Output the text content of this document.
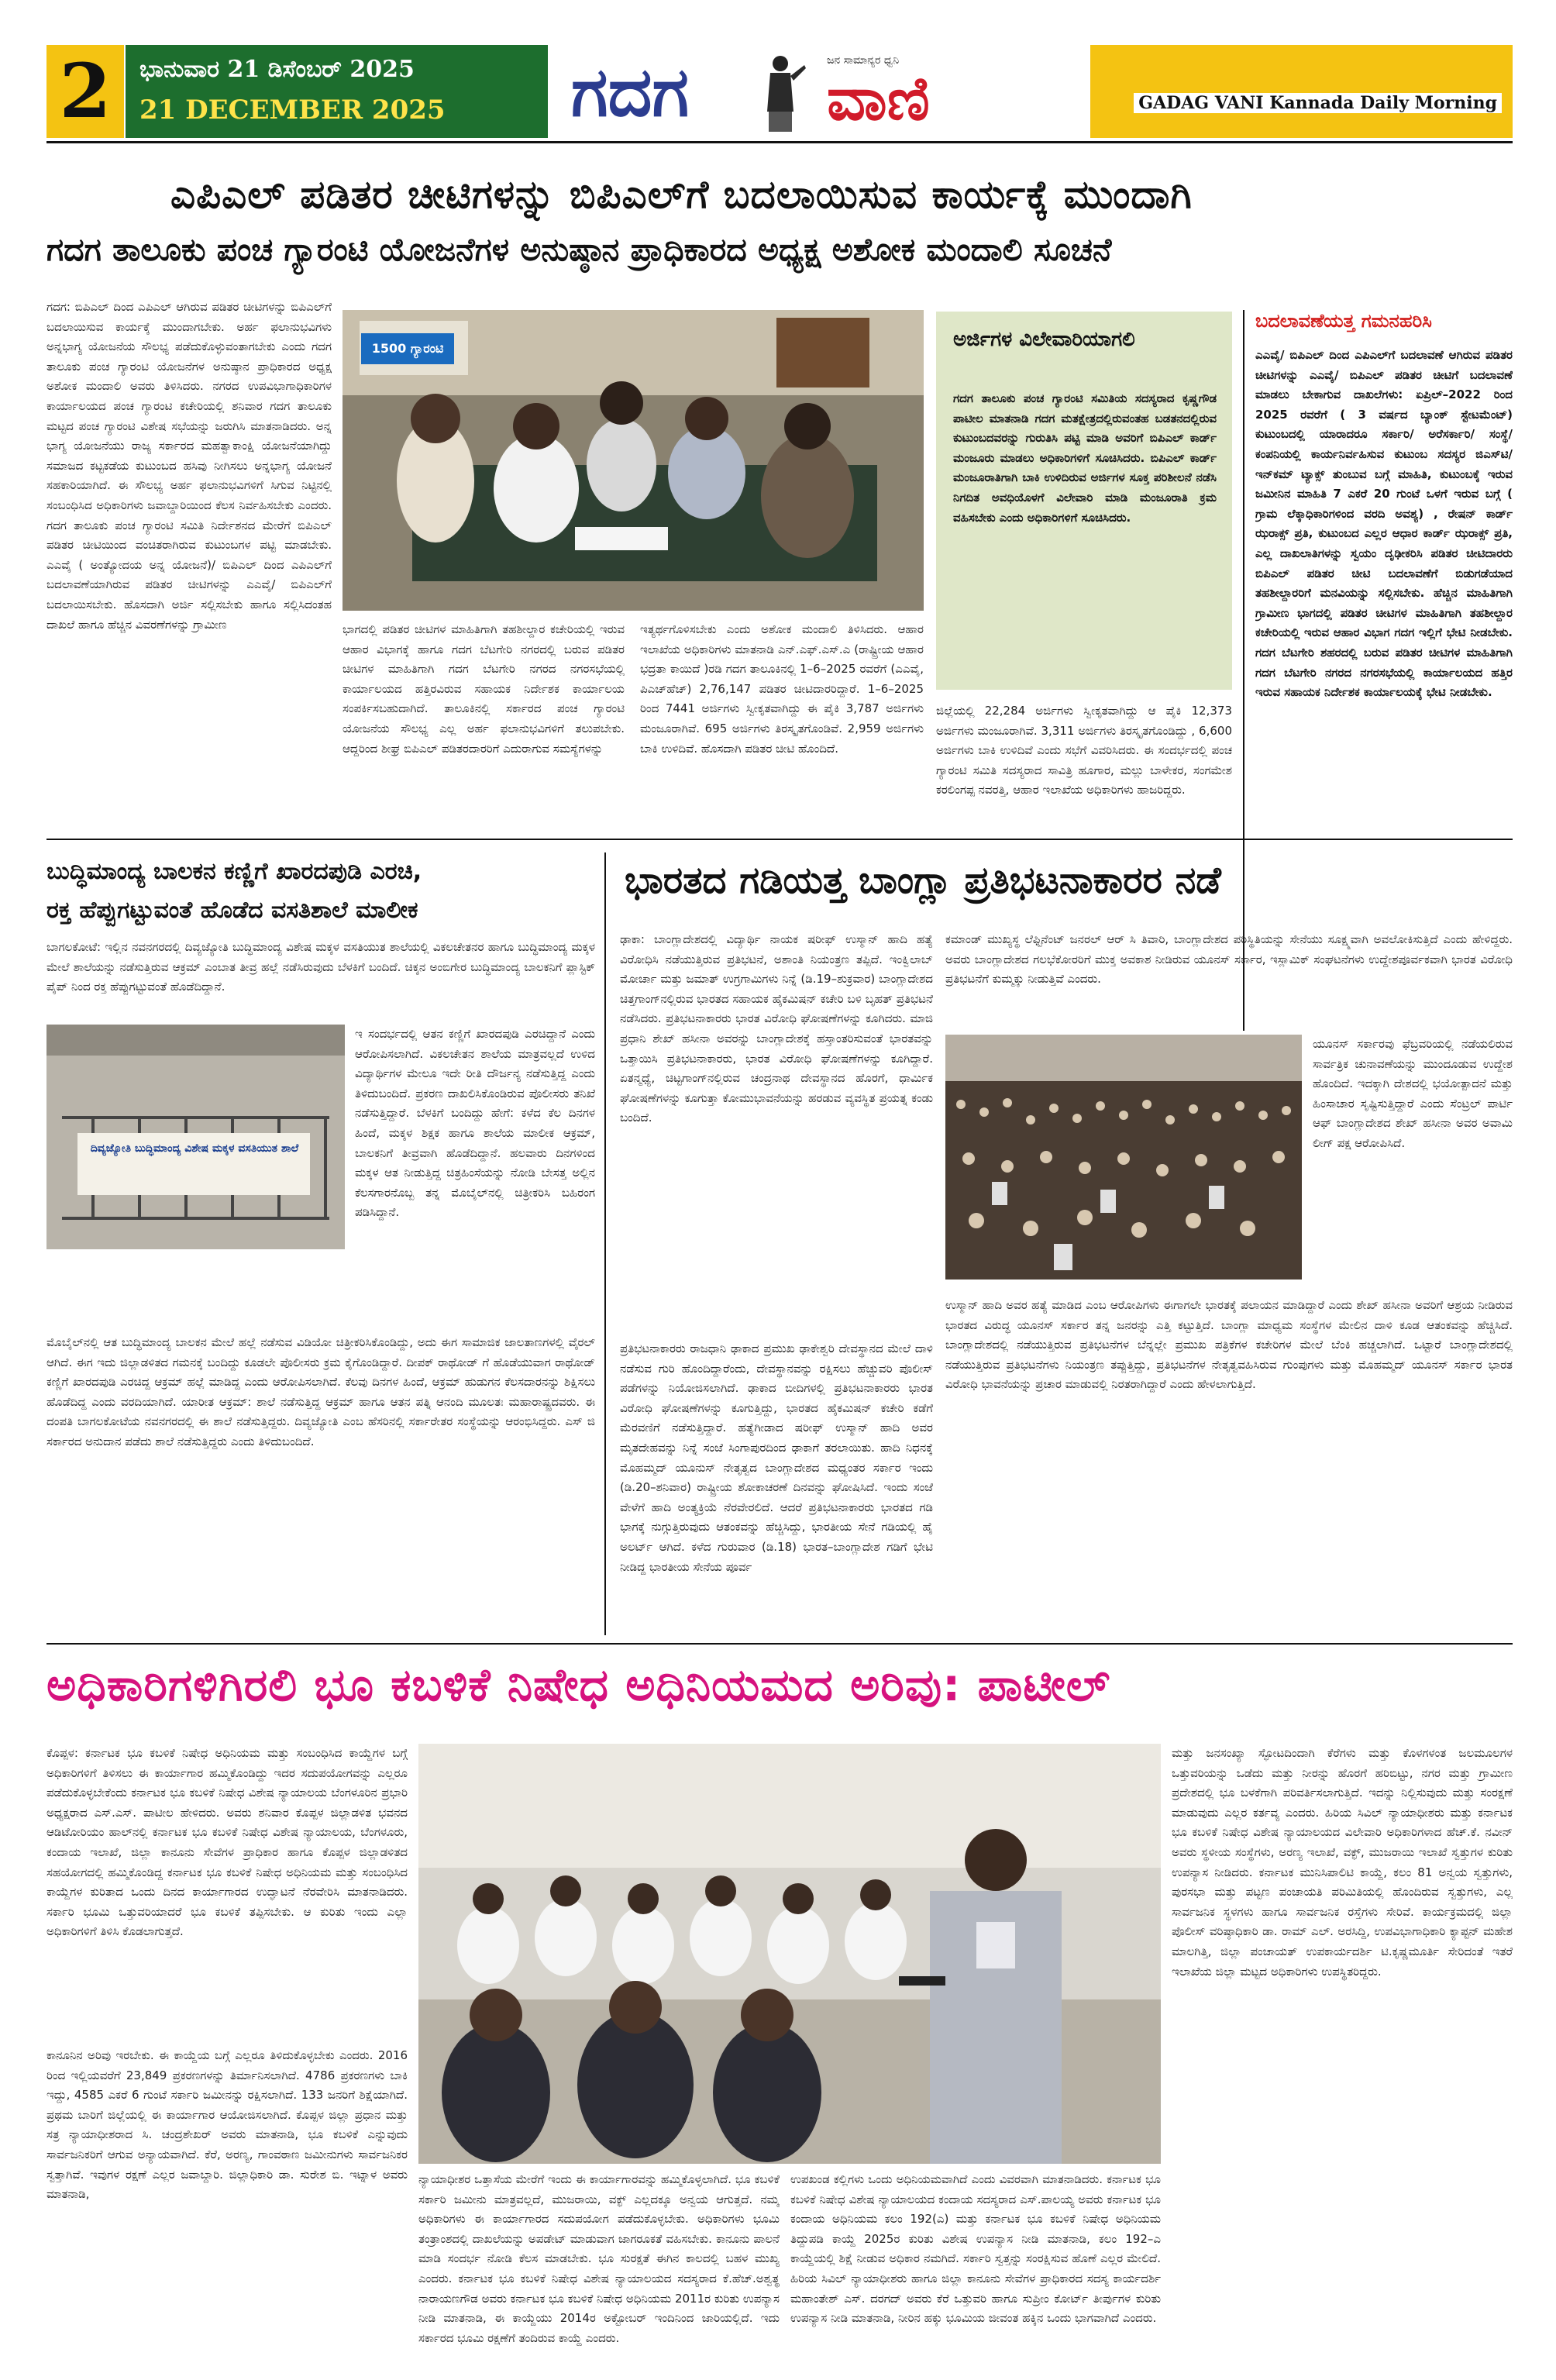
2	ಭಾನುವಾರ 21 ಡಿಸೆಂಬರ್ 2025
21 DECEMBER 2025 ಗದಗ	ಜನ ಸಾಮಾನ್ಯರ ಧ್ವನಿ
ವಾಣಿ	GADAG VANI Kannada Daily Morning
ಎಪಿಎಲ್ ಪಡಿತರ ಚೀಟಿಗಳನ್ನು ಬಿಪಿಎಲ್‌ಗೆ ಬದಲಾಯಿಸುವ ಕಾರ್ಯಕ್ಕೆ ಮುಂದಾಗಿ
ಗದಗ ತಾಲೂಕು ಪಂಚ ಗ್ಯಾರಂಟಿ ಯೋಜನೆಗಳ ಅನುಷ್ಠಾನ ಪ್ರಾಧಿಕಾರದ ಅಧ್ಯಕ್ಷ ಅಶೋಕ ಮಂದಾಲಿ ಸೂಚನೆ
ಗದಗ: ಬಿಪಿಎಲ್ ದಿಂದ ಎಪಿಎಲ್ ಆಗಿರುವ ಪಡಿತರ ಚೀಟಿಗಳನ್ನು ಬಿಪಿಎಲ್‌ಗೆ ಬದಲಾಯಿಸುವ ಕಾರ್ಯಕ್ಕೆ ಮುಂದಾಗಬೇಕು. ಅರ್ಹ ಫಲಾನುಭವಿಗಳು ಅನ್ನಭಾಗ್ಯ ಯೋಜನೆಯ ಸೌಲಭ್ಯ ಪಡೆದುಕೊಳ್ಳುವಂತಾಗಬೇಕು ಎಂದು ಗದಗ ತಾಲೂಕು ಪಂಚ ಗ್ಯಾರಂಟಿ ಯೋಜನೆಗಳ ಅನುಷ್ಠಾನ ಪ್ರಾಧಿಕಾರದ ಅಧ್ಯಕ್ಷ ಅಶೋಕ ಮಂದಾಲಿ ಅವರು ತಿಳಿಸಿದರು. ನಗರದ ಉಪವಿಭಾಗಾಧಿಕಾರಿಗಳ ಕಾರ್ಯಾಲಯದ ಪಂಚ ಗ್ಯಾರಂಟಿ ಕಚೇರಿಯಲ್ಲಿ ಶನಿವಾರ ಗದಗ ತಾಲೂಕು ಮಟ್ಟದ ಪಂಚ ಗ್ಯಾರಂಟಿ ವಿಶೇಷ ಸಭೆಯನ್ನು ಜರುಗಿಸಿ ಮಾತನಾಡಿದರು. ಅನ್ನ ಭಾಗ್ಯ ಯೋಜನೆಯು ರಾಜ್ಯ ಸರ್ಕಾರದ ಮಹತ್ವಾಕಾಂಕ್ಷಿ ಯೋಜನೆಯಾಗಿದ್ದು ಸಮಾಜದ ಕಟ್ಟಕಡೆಯ ಕುಟುಂಬದ ಹಸಿವು ನೀಗಿಸಲು ಅನ್ನಭಾಗ್ಯ ಯೋಜನೆ ಸಹಕಾರಿಯಾಗಿದೆ. ಈ ಸೌಲಭ್ಯ ಅರ್ಹ ಫಲಾನುಭವಿಗಳಿಗೆ ಸಿಗುವ ನಿಟ್ಟಿನಲ್ಲಿ ಸಂಬಂಧಿಸಿದ ಅಧಿಕಾರಿಗಳು ಜವಾಬ್ದಾರಿಯಿಂದ ಕೆಲಸ ನಿರ್ವಹಿಸಬೇಕು ಎಂದರು. ಗದಗ ತಾಲೂಕು ಪಂಚ ಗ್ಯಾರಂಟಿ ಸಮಿತಿ ನಿರ್ದೇಶನದ ಮೇರೆಗೆ ಬಿಪಿಎಲ್ ಪಡಿತರ ಚೀಟಿಯಿಂದ ವಂಚಿತರಾಗಿರುವ ಕುಟುಂಬಗಳ ಪಟ್ಟಿ ಮಾಡಬೇಕು. ಎಎವೈ ( ಅಂತ್ಯೋದಯ ಅನ್ನ ಯೋಜನೆ)/ ಬಿಪಿಎಲ್ ದಿಂದ ಎಪಿಎಲ್‌ಗೆ ಬದಲಾವಣೆಯಾಗಿರುವ ಪಡಿತರ ಚೀಟಿಗಳನ್ನು ಎಎವೈ/ ಬಿಪಿಎಲ್‌ಗೆ ಬದಲಾಯಿಸಬೇಕು. ಹೊಸದಾಗಿ ಅರ್ಜಿ ಸಲ್ಲಿಸಬೇಕು ಹಾಗೂ ಸಲ್ಲಿಸಿದಂತಹ ದಾಖಲೆ ಹಾಗೂ ಹೆಚ್ಚಿನ ವಿವರಣೆಗಳನ್ನು ಗ್ರಾಮೀಣ
1500 ಗ್ಯಾರಂಟಿ
ಭಾಗದಲ್ಲಿ ಪಡಿತರ ಚೀಟಿಗಳ ಮಾಹಿತಿಗಾಗಿ ತಹಶೀಲ್ದಾರ ಕಚೇರಿಯಲ್ಲಿ ಇರುವ ಆಹಾರ ವಿಭಾಗಕ್ಕೆ ಹಾಗೂ ಗದಗ ಬೆಟಗೇರಿ ನಗರದಲ್ಲಿ ಬರುವ ಪಡಿತರ ಚೀಟಿಗಳ ಮಾಹಿತಿಗಾಗಿ ಗದಗ ಬೆಟಗೇರಿ ನಗರದ ನಗರಸಭೆಯಲ್ಲಿ ಕಾರ್ಯಾಲಯದ ಹತ್ತಿರವಿರುವ ಸಹಾಯಕ ನಿರ್ದೇಶಕ ಕಾರ್ಯಾಲಯ ಸಂಪರ್ಕಿಸಬಹುದಾಗಿದೆ. ತಾಲೂಕಿನಲ್ಲಿ ಸರ್ಕಾರದ ಪಂಚ ಗ್ಯಾರಂಟಿ ಯೋಜನೆಯ ಸೌಲಭ್ಯ ಎಲ್ಲ ಅರ್ಹ ಫಲಾನುಭವಿಗಳಿಗೆ ತಲುಪಬೇಕು. ಆದ್ದರಿಂದ ಶೀಘ್ರ ಬಿಪಿಎಲ್ ಪಡಿತರದಾರರಿಗೆ ಎದುರಾಗುವ ಸಮಸ್ಯೆಗಳನ್ನು
ಇತ್ಯರ್ಥಗೊಳಿಸಬೇಕು ಎಂದು ಅಶೋಕ ಮಂದಾಲಿ ತಿಳಿಸಿದರು. ಆಹಾರ ಇಲಾಖೆಯ ಅಧಿಕಾರಿಗಳು ಮಾತನಾಡಿ ಎನ್.ಎಫ್.ಎಸ್.ಎ (ರಾಷ್ಟ್ರೀಯ ಆಹಾರ ಭದ್ರತಾ ಕಾಯಿದೆ )ರಡಿ ಗದಗ ತಾಲೂಕಿನಲ್ಲಿ 1–6–2025 ರವರೆಗೆ (ಎಎವೈ, ಪಿಎಚ್‌ಹೆಚ್) 2,76,147 ಪಡಿತರ ಚೀಟಿದಾರರಿದ್ದಾರೆ. 1–6–2025 ರಿಂದ 7441 ಅರ್ಜಿಗಳು ಸ್ವೀಕೃತವಾಗಿದ್ದು ಈ ಪೈಕಿ 3,787 ಅರ್ಜಿಗಳು ಮಂಜೂರಾಗಿವೆ. 695 ಅರ್ಜಿಗಳು ತಿರಸ್ಕೃತಗೊಂಡಿವೆ. 2,959 ಅರ್ಜಿಗಳು ಬಾಕಿ ಉಳಿದಿವೆ. ಹೊಸದಾಗಿ ಪಡಿತರ ಚೀಟಿ ಹೊಂದಿದೆ.
ಅರ್ಜಿಗಳ ವಿಲೇವಾರಿಯಾಗಲಿ
ಗದಗ ತಾಲೂಕು ಪಂಚ ಗ್ಯಾರಂಟಿ ಸಮಿತಿಯ ಸದಸ್ಯರಾದ ಕೃಷ್ಣಗೌಡ ಪಾಟೀಲ ಮಾತನಾಡಿ ಗದಗ ಮತಕ್ಷೇತ್ರದಲ್ಲಿರುವಂತಹ ಬಡತನದಲ್ಲಿರುವ ಕುಟುಂಬದವರನ್ನು ಗುರುತಿಸಿ ಪಟ್ಟಿ ಮಾಡಿ ಅವರಿಗೆ ಬಿಪಿಎಲ್ ಕಾರ್ಡ್ ಮಂಜೂರು ಮಾಡಲು ಅಧಿಕಾರಿಗಳಿಗೆ ಸೂಚಿಸಿದರು. ಬಿಪಿಎಲ್ ಕಾರ್ಡ್ ಮಂಜೂರಾತಿಗಾಗಿ ಬಾಕಿ ಉಳಿದಿರುವ ಅರ್ಜಿಗಳ ಸೂಕ್ತ ಪರಿಶೀಲನೆ ನಡೆಸಿ ನಿಗದಿತ ಅವಧಿಯೊಳಗೆ ವಿಲೇವಾರಿ ಮಾಡಿ ಮಂಜೂರಾತಿ ಕ್ರಮ ವಹಿಸಬೇಕು ಎಂದು ಅಧಿಕಾರಿಗಳಿಗೆ ಸೂಚಿಸಿದರು.
ಜಿಲ್ಲೆಯಲ್ಲಿ 22,284 ಅರ್ಜಿಗಳು ಸ್ವೀಕೃತವಾಗಿದ್ದು ಆ ಪೈಕಿ 12,373 ಅರ್ಜಿಗಳು ಮಂಜೂರಾಗಿವೆ. 3,311 ಅರ್ಜಿಗಳು ತಿರಸ್ಕೃತಗೊಂಡಿದ್ದು , 6,600 ಅರ್ಜಿಗಳು ಬಾಕಿ ಉಳಿದಿವೆ ಎಂದು ಸಭೆಗೆ ವಿವರಿಸಿದರು. ಈ ಸಂದರ್ಭದಲ್ಲಿ ಪಂಚ ಗ್ಯಾರಂಟಿ ಸಮಿತಿ ಸದಸ್ಯರಾದ ಸಾವಿತ್ರಿ ಹೂಗಾರ, ಮಲ್ಲು ಬಾಳೇಕರ, ಸಂಗಮೇಶ ಕರಲಿಂಗಪ್ಪ ನವರತ್ತಿ, ಆಹಾರ ಇಲಾಖೆಯ ಅಧಿಕಾರಿಗಳು ಹಾಜರಿದ್ದರು.
ಬದಲಾವಣೆಯತ್ತ ಗಮನಹರಿಸಿ
ಎಎವೈ/ ಬಿಪಿಎಲ್ ದಿಂದ ಎಪಿಎಲ್‌ಗೆ ಬದಲಾವಣೆ ಆಗಿರುವ ಪಡಿತರ ಚೀಟಿಗಳನ್ನು ಎಎವೈ/ ಬಿಪಿಎಲ್ ಪಡಿತರ ಚೀಟಿಗೆ ಬದಲಾವಣೆ ಮಾಡಲು ಬೇಕಾಗುವ ದಾಖಲೆಗಳು: ಏಪ್ರಿಲ್–2022 ರಿಂದ 2025 ರವರೆಗೆ ( 3 ವರ್ಷದ ಬ್ಯಾಂಕ್ ಸ್ಟೇಟಮೆಂಟ್) ಕುಟುಂಬದಲ್ಲಿ ಯಾರಾದರೂ ಸರ್ಕಾರಿ/ ಅರೆಸರ್ಕಾರಿ/ ಸಂಸ್ಥೆ/ ಕಂಪನಿಯಲ್ಲಿ ಕಾರ್ಯನಿರ್ವಹಿಸುವ ಕುಟುಂಬ ಸದಸ್ಯರ ಜಿಎಸ್‌ಟಿ/ ಇನ್‌ಕಮ್ ಟ್ಯಾಕ್ಸ್ ತುಂಬುವ ಬಗ್ಗೆ ಮಾಹಿತಿ, ಕುಟುಂಬಕ್ಕೆ ಇರುವ ಜಮೀನಿನ ಮಾಹಿತಿ 7 ಎಕರೆ 20 ಗುಂಟೆ ಒಳಗೆ ಇರುವ ಬಗ್ಗೆ ( ಗ್ರಾಮ ಲೆಕ್ಕಾಧಿಕಾರಿಗಳಿಂದ ವರದಿ ಅವಶ್ಯ) , ರೇಷನ್ ಕಾರ್ಡ್ ಝರಾಕ್ಸ್ ಪ್ರತಿ, ಕುಟುಂಬದ ಎಲ್ಲರ ಆಧಾರ ಕಾರ್ಡ್ ಝರಾಕ್ಸ್ ಪ್ರತಿ, ಎಲ್ಲ ದಾಖಲಾತಿಗಳನ್ನು ಸ್ವಯಂ ದೃಢೀಕರಿಸಿ ಪಡಿತರ ಚೀಟಿದಾರರು ಬಿಪಿಎಲ್ ಪಡಿತರ ಚೀಟಿ ಬದಲಾವಣೆಗೆ ಬಿಡುಗಡೆಯಾದ ತಹಶೀಲ್ದಾರರಿಗೆ ಮನವಿಯನ್ನು ಸಲ್ಲಿಸಬೇಕು. ಹೆಚ್ಚಿನ ಮಾಹಿತಿಗಾಗಿ ಗ್ರಾಮೀಣ ಭಾಗದಲ್ಲಿ ಪಡಿತರ ಚೀಟಿಗಳ ಮಾಹಿತಿಗಾಗಿ ತಹಶೀಲ್ದಾರ ಕಚೇರಿಯಲ್ಲಿ ಇರುವ ಆಹಾರ ವಿಭಾಗ ಗದಗ ಇಲ್ಲಿಗೆ ಭೇಟಿ ನೀಡಬೇಕು. ಗದಗ ಬೆಟಗೇರಿ ಶಹರದಲ್ಲಿ ಬರುವ ಪಡಿತರ ಚೀಟಿಗಳ ಮಾಹಿತಿಗಾಗಿ ಗದಗ ಬೆಟಗೇರಿ ನಗರದ ನಗರಸಭೆಯಲ್ಲಿ ಕಾರ್ಯಾಲಯದ ಹತ್ತಿರ ಇರುವ ಸಹಾಯಕ ನಿರ್ದೇಶಕ ಕಾರ್ಯಾಲಯಕ್ಕೆ ಭೇಟಿ ನೀಡಬೇಕು.
ಬುದ್ಧಿಮಾಂದ್ಯ ಬಾಲಕನ ಕಣ್ಣಿಗೆ ಖಾರದಪುಡಿ ಎರಚಿ,
ರಕ್ತ ಹೆಪ್ಪುಗಟ್ಟುವಂತೆ ಹೊಡೆದ ವಸತಿಶಾಲೆ ಮಾಲೀಕ
ಬಾಗಲಕೋಟೆ: ಇಲ್ಲಿನ ನವನಗರದಲ್ಲಿ ದಿವ್ಯಜ್ಯೋತಿ ಬುದ್ಧಿಮಾಂದ್ಯ ವಿಶೇಷ ಮಕ್ಕಳ ವಸತಿಯುತ ಶಾಲೆಯಲ್ಲಿ ವಿಕಲಚೇತನರ ಹಾಗೂ ಬುದ್ಧಿಮಾಂದ್ಯ ಮಕ್ಕಳ ಮೇಲೆ ಶಾಲೆಯನ್ನು ನಡೆಸುತ್ತಿರುವ ಆಕ್ರಮ್ ಎಂಬಾತ ತೀವ್ರ ಹಲ್ಲೆ ನಡೆಸಿರುವುದು ಬೆಳಕಿಗೆ ಬಂದಿದೆ. ಚಿಕ್ಕನ ಅಂಬಿಗೇರ ಬುದ್ಧಿಮಾಂದ್ಯ ಬಾಲಕನಿಗೆ ಪ್ಲಾಸ್ಟಿಕ್ ಪೈಪ್ ನಿಂದ ರಕ್ತ ಹೆಪ್ಪುಗಟ್ಟುವಂತೆ ಹೊಡೆದಿದ್ದಾನೆ.
ದಿವ್ಯಜ್ಯೋತಿ ಬುದ್ಧಿಮಾಂದ್ಯ ವಿಶೇಷ ಮಕ್ಕಳ ವಸತಿಯುತ ಶಾಲೆ
ಇ ಸಂದರ್ಭದಲ್ಲಿ ಆತನ ಕಣ್ಣಿಗೆ ಖಾರದಪುಡಿ ಎರಚಿದ್ದಾನೆ ಎಂದು ಆರೋಪಿಸಲಾಗಿದೆ. ವಿಕಲಚೇತನ ಶಾಲೆಯ ಮಾತ್ರವಲ್ಲದೆ ಉಳಿದ ವಿದ್ಯಾರ್ಥಿಗಳ ಮೇಲೂ ಇದೇ ರೀತಿ ದೌರ್ಜನ್ಯ ನಡೆಸುತ್ತಿದ್ದ ಎಂದು ತಿಳಿದುಬಂದಿದೆ. ಪ್ರಕರಣ ದಾಖಲಿಸಿಕೊಂಡಿರುವ ಪೊಲೀಸರು ತನಿಖೆ ನಡೆಸುತ್ತಿದ್ದಾರೆ. ಬೆಳಕಿಗೆ ಬಂದಿದ್ದು ಹೇಗೆ: ಕಳೆದ ಕೆಲ ದಿನಗಳ ಹಿಂದೆ, ಮಕ್ಕಳ ಶಿಕ್ಷಕ ಹಾಗೂ ಶಾಲೆಯ ಮಾಲೀಕ ಆಕ್ರಮ್, ಬಾಲಕನಿಗೆ ತೀವ್ರವಾಗಿ ಹೊಡೆದಿದ್ದಾನೆ. ಹಲವಾರು ದಿನಗಳಿಂದ ಮಕ್ಕಳ ಆತ ನೀಡುತ್ತಿದ್ದ ಚಿತ್ರಹಿಂಸೆಯನ್ನು ನೋಡಿ ಬೇಸತ್ತ ಅಲ್ಲಿನ ಕೆಲಸಗಾರನೊಬ್ಬ ತನ್ನ ಮೊಬೈಲ್‌ನಲ್ಲಿ ಚಿತ್ರೀಕರಿಸಿ ಬಹಿರಂಗ ಪಡಿಸಿದ್ದಾನೆ.
ಮೊಬೈಲ್‌ನಲ್ಲಿ ಆತ ಬುದ್ಧಿಮಾಂದ್ಯ ಬಾಲಕನ ಮೇಲೆ ಹಲ್ಲೆ ನಡೆಸುವ ವಿಡಿಯೋ ಚಿತ್ರೀಕರಿಸಿಕೊಂಡಿದ್ದು, ಅದು ಈಗ ಸಾಮಾಜಿಕ ಜಾಲತಾಣಗಳಲ್ಲಿ ವೈರಲ್ ಆಗಿದೆ. ಈಗ ಇದು ಜಿಲ್ಲಾಡಳಿತದ ಗಮನಕ್ಕೆ ಬಂದಿದ್ದು ಕೂಡಲೇ ಪೊಲೀಸರು ಕ್ರಮ ಕೈಗೊಂಡಿದ್ದಾರೆ. ದೀಪಕ್ ರಾಥೋಡ್ ಗೆ ಹೊಡೆಯುವಾಗ ರಾಥೋಡ್ ಕಣ್ಣಿಗೆ ಖಾರದಪುಡಿ ಎರಚಿದ್ದ ಆಕ್ರಮ್ ಹಲ್ಲೆ ಮಾಡಿದ್ದ ಎಂದು ಆರೋಪಿಸಲಾಗಿದೆ. ಕೆಲವು ದಿನಗಳ ಹಿಂದೆ, ಆಕ್ರಮ್ ಹುಡುಗನ ಕೆಲಸದಾರನನ್ನು ಶಿಕ್ಷಿಸಲು ಹೊಡೆದಿದ್ದ ಎಂದು ವರದಿಯಾಗಿದೆ. ಯಾರೀತ ಆಕ್ರಮ್: ಶಾಲೆ ನಡೆಸುತ್ತಿದ್ದ ಆಕ್ರಮ್ ಹಾಗೂ ಆತನ ಪತ್ನಿ ಆನಂದಿ ಮೂಲತಃ ಮಹಾರಾಷ್ಟ್ರದವರು. ಈ ದಂಪತಿ ಬಾಗಲಕೋಟೆಯ ನವನಗರದಲ್ಲಿ ಈ ಶಾಲೆ ನಡೆಸುತ್ತಿದ್ದರು. ದಿವ್ಯಜ್ಯೋತಿ ಎಂಬ ಹೆಸರಿನಲ್ಲಿ ಸರ್ಕಾರೇತರ ಸಂಸ್ಥೆಯನ್ನು ಆರಂಭಿಸಿದ್ದರು. ಎಸ್ ಜಿ ಸರ್ಕಾರದ ಅನುದಾನ ಪಡೆದು ಶಾಲೆ ನಡೆಸುತ್ತಿದ್ದರು ಎಂದು ತಿಳಿದುಬಂದಿದೆ.
ಭಾರತದ ಗಡಿಯತ್ತ ಬಾಂಗ್ಲಾ ಪ್ರತಿಭಟನಾಕಾರರ ನಡೆ
ಢಾಕಾ: ಬಾಂಗ್ಲಾದೇಶದಲ್ಲಿ ವಿದ್ಯಾರ್ಥಿ ನಾಯಕ ಷರೀಫ್ ಉಸ್ಮಾನ್ ಹಾದಿ ಹತ್ಯೆ ವಿರೋಧಿಸಿ ನಡೆಯುತ್ತಿರುವ ಪ್ರತಿಭಟನೆ, ಅಶಾಂತಿ ನಿಯಂತ್ರಣ ತಪ್ಪಿದೆ. ಇಂಕ್ವಿಲಾಬ್ ಮೋರ್ಚಾ ಮತ್ತು ಜಮಾತ್ ಉಗ್ರಗಾಮಿಗಳು ನಿನ್ನೆ (ಡಿ.19–ಶುಕ್ರವಾರ) ಬಾಂಗ್ಲಾದೇಶದ ಚಿತ್ತಗಾಂಗ್‌ನಲ್ಲಿರುವ ಭಾರತದ ಸಹಾಯಕ ಹೈಕಮಿಷನ್ ಕಚೇರಿ ಬಳಿ ಬೃಹತ್ ಪ್ರತಿಭಟನೆ ನಡೆಸಿದರು. ಪ್ರತಿಭಟನಾಕಾರರು ಭಾರತ ವಿರೋಧಿ ಘೋಷಣೆಗಳನ್ನು ಕೂಗಿದರು. ಮಾಜಿ ಪ್ರಧಾನಿ ಶೇಖ್ ಹಸೀನಾ ಅವರನ್ನು ಬಾಂಗ್ಲಾದೇಶಕ್ಕೆ ಹಸ್ತಾಂತರಿಸುವಂತೆ ಭಾರತವನ್ನು ಒತ್ತಾಯಿಸಿ ಪ್ರತಿಭಟನಾಕಾರರು, ಭಾರತ ವಿರೋಧಿ ಘೋಷಣೆಗಳನ್ನು ಕೂಗಿದ್ದಾರೆ. ಏತನ್ಮಧ್ಯೆ, ಚಿಟ್ಟಗಾಂಗ್‌ನಲ್ಲಿರುವ ಚಂದ್ರನಾಥ ದೇವಸ್ಥಾನದ ಹೊರಗೆ, ಧಾರ್ಮಿಕ ಘೋಷಣೆಗಳನ್ನು ಕೂಗುತ್ತಾ ಕೋಮುಭಾವನೆಯನ್ನು ಹರಡುವ ವ್ಯವಸ್ಥಿತ ಪ್ರಯತ್ನ ಕಂಡು ಬಂದಿದೆ.
ಕಮಾಂಡ್ ಮುಖ್ಯಸ್ಥ ಲೆಫ್ಟಿನೆಂಟ್ ಜನರಲ್ ಆರ್ ಸಿ ತಿವಾರಿ, ಬಾಂಗ್ಲಾದೇಶದ ಪರಿಸ್ಥಿತಿಯನ್ನು ಸೇನೆಯು ಸೂಕ್ಷ್ಮವಾಗಿ ಅವಲೋಕಿಸುತ್ತಿದೆ ಎಂದು ಹೇಳಿದ್ದರು. ಅವರು ಬಾಂಗ್ಲಾದೇಶದ ಗಲಭೆಕೋರರಿಗೆ ಮುಕ್ತ ಅವಕಾಶ ನೀಡಿರುವ ಯೂನಸ್ ಸರ್ಕಾರ, ಇಸ್ಲಾಮಿಕ್ ಸಂಘಟನೆಗಳು ಉದ್ದೇಶಪೂರ್ವಕವಾಗಿ ಭಾರತ ವಿರೋಧಿ ಪ್ರತಿಭಟನೆಗೆ ಕುಮ್ಮಕ್ಕು ನೀಡುತ್ತಿವೆ ಎಂದರು.
ಯೂನಸ್ ಸರ್ಕಾರವು ಫೆಬ್ರವರಿಯಲ್ಲಿ ನಡೆಯಲಿರುವ ಸಾರ್ವತ್ರಿಕ ಚುನಾವಣೆಯನ್ನು ಮುಂದೂಡುವ ಉದ್ದೇಶ ಹೊಂದಿದೆ. ಇದಕ್ಕಾಗಿ ದೇಶದಲ್ಲಿ ಭಯೋತ್ಪಾದನೆ ಮತ್ತು ಹಿಂಸಾಚಾರ ಸೃಷ್ಟಿಸುತ್ತಿದ್ದಾರೆ ಎಂದು ಸೆಂಟ್ರಲ್ ಪಾರ್ಟಿ ಆಫ್ ಬಾಂಗ್ಲಾದೇಶದ ಶೇಖ್ ಹಸೀನಾ ಅವರ ಅವಾಮಿ ಲೀಗ್ ಪಕ್ಷ ಆರೋಪಿಸಿದೆ.
ಪ್ರತಿಭಟನಾಕಾರರು ರಾಜಧಾನಿ ಢಾಕಾದ ಪ್ರಮುಖ ಢಾಕೇಶ್ವರಿ ದೇವಸ್ಥಾನದ ಮೇಲೆ ದಾಳಿ ನಡೆಸುವ ಗುರಿ ಹೊಂದಿದ್ದಾರೆಂದು, ದೇವಸ್ಥಾನವನ್ನು ರಕ್ಷಿಸಲು ಹೆಚ್ಚುವರಿ ಪೊಲೀಸ್ ಪಡೆಗಳನ್ನು ನಿಯೋಜಿಸಲಾಗಿದೆ. ಢಾಕಾದ ಬೀದಿಗಳಲ್ಲಿ ಪ್ರತಿಭಟನಾಕಾರರು ಭಾರತ ವಿರೋಧಿ ಘೋಷಣೆಗಳನ್ನು ಕೂಗುತ್ತಿದ್ದು, ಭಾರತದ ಹೈಕಮಿಷನ್ ಕಚೇರಿ ಕಡೆಗೆ ಮೆರವಣಿಗೆ ನಡೆಸುತ್ತಿದ್ದಾರೆ. ಹತ್ಯೆಗೀಡಾದ ಷರೀಫ್ ಉಸ್ಮಾನ್ ಹಾದಿ ಅವರ ಮೃತದೇಹವನ್ನು ನಿನ್ನೆ ಸಂಜೆ ಸಿಂಗಾಪುರದಿಂದ ಢಾಕಾಗೆ ತರಲಾಯಿತು. ಹಾದಿ ನಿಧನಕ್ಕೆ ಮೊಹಮ್ಮದ್ ಯೂನುಸ್ ನೇತೃತ್ವದ ಬಾಂಗ್ಲಾದೇಶದ ಮಧ್ಯಂತರ ಸರ್ಕಾರ ಇಂದು (ಡಿ.20–ಶನಿವಾರ) ರಾಷ್ಟ್ರೀಯ ಶೋಕಾಚರಣೆ ದಿನವನ್ನು ಘೋಷಿಸಿದೆ. ಇಂದು ಸಂಜೆ ವೇಳೆಗೆ ಹಾದಿ ಅಂತ್ಯಕ್ರಿಯೆ ನೆರವೇರಲಿದೆ. ಆದರೆ ಪ್ರತಿಭಟನಾಕಾರರು ಭಾರತದ ಗಡಿ ಭಾಗಕ್ಕೆ ನುಗ್ಗುತ್ತಿರುವುದು ಆತಂಕವನ್ನು ಹೆಚ್ಚಿಸಿದ್ದು, ಭಾರತೀಯ ಸೇನೆ ಗಡಿಯಲ್ಲಿ ಹೈ ಅಲರ್ಟ್ ಆಗಿದೆ. ಕಳೆದ ಗುರುವಾರ (ಡಿ.18) ಭಾರತ–ಬಾಂಗ್ಲಾದೇಶ ಗಡಿಗೆ ಭೇಟಿ ನೀಡಿದ್ದ ಭಾರತೀಯ ಸೇನೆಯ ಪೂರ್ವ
ಉಸ್ಮಾನ್ ಹಾದಿ ಅವರ ಹತ್ಯೆ ಮಾಡಿದ ಎಂಬ ಆರೋಪಿಗಳು ಈಗಾಗಲೇ ಭಾರತಕ್ಕೆ ಪಲಾಯನ ಮಾಡಿದ್ದಾರೆ ಎಂದು ಶೇಖ್ ಹಸೀನಾ ಅವರಿಗೆ ಆಶ್ರಯ ನೀಡಿರುವ ಭಾರತದ ವಿರುದ್ಧ ಯೂನಸ್ ಸರ್ಕಾರ ತನ್ನ ಜನರನ್ನು ಎತ್ತಿ ಕಟ್ಟುತ್ತಿದೆ. ಬಾಂಗ್ಲಾ ಮಾಧ್ಯಮ ಸಂಸ್ಥೆಗಳ ಮೇಲಿನ ದಾಳಿ ಕೂಡ ಆತಂಕವನ್ನು ಹೆಚ್ಚಿಸಿದೆ. ಬಾಂಗ್ಲಾದೇಶದಲ್ಲಿ ನಡೆಯುತ್ತಿರುವ ಪ್ರತಿಭಟನೆಗಳ ಬೆನ್ನಲ್ಲೇ ಪ್ರಮುಖ ಪತ್ರಿಕೆಗಳ ಕಚೇರಿಗಳ ಮೇಲೆ ಬೆಂಕಿ ಹಚ್ಚಲಾಗಿದೆ. ಒಟ್ಟಾರೆ ಬಾಂಗ್ಲಾದೇಶದಲ್ಲಿ ನಡೆಯುತ್ತಿರುವ ಪ್ರತಿಭಟನೆಗಳು ನಿಯಂತ್ರಣ ತಪ್ಪುತ್ತಿದ್ದು, ಪ್ರತಿಭಟನೆಗಳ ನೇತೃತ್ವವಹಿಸಿರುವ ಗುಂಪುಗಳು ಮತ್ತು ಮೊಹಮ್ಮದ್ ಯೂನಸ್ ಸರ್ಕಾರ ಭಾರತ ವಿರೋಧಿ ಭಾವನೆಯನ್ನು ಪ್ರಚಾರ ಮಾಡುವಲ್ಲಿ ನಿರತರಾಗಿದ್ದಾರೆ ಎಂದು ಹೇಳಲಾಗುತ್ತಿದೆ.
ಅಧಿಕಾರಿಗಳಿಗಿರಲಿ ಭೂ ಕಬಳಿಕೆ ನಿಷೇಧ ಅಧಿನಿಯಮದ ಅರಿವು: ಪಾಟೀಲ್
ಕೊಪ್ಪಳ: ಕರ್ನಾಟಕ ಭೂ ಕಬಳಿಕೆ ನಿಷೇಧ ಅಧಿನಿಯಮ ಮತ್ತು ಸಂಬಂಧಿಸಿದ ಕಾಯ್ದೆಗಳ ಬಗ್ಗೆ ಅಧಿಕಾರಿಗಳಿಗೆ ತಿಳಿಸಲು ಈ ಕಾರ್ಯಾಗಾರ ಹಮ್ಮಿಕೊಂಡಿದ್ದು ಇದರ ಸದುಪಯೋಗವನ್ನು ಎಲ್ಲರೂ ಪಡೆದುಕೊಳ್ಳಬೇಕೆಂದು ಕರ್ನಾಟಕ ಭೂ ಕಬಳಿಕೆ ನಿಷೇಧ ವಿಶೇಷ ನ್ಯಾಯಾಲಯ ಬೆಂಗಳೂರಿನ ಪ್ರಭಾರಿ ಅಧ್ಯಕ್ಷರಾದ ಎಸ್.ಎಸ್. ಪಾಟೀಲ ಹೇಳಿದರು. ಅವರು ಶನಿವಾರ ಕೊಪ್ಪಳ ಜಿಲ್ಲಾಡಳಿತ ಭವನದ ಆಡಿಟೋರಿಯಂ ಹಾಲ್‌ನಲ್ಲಿ ಕರ್ನಾಟಕ ಭೂ ಕಬಳಿಕೆ ನಿಷೇಧ ವಿಶೇಷ ನ್ಯಾಯಾಲಯ, ಬೆಂಗಳೂರು, ಕಂದಾಯ ಇಲಾಖೆ, ಜಿಲ್ಲಾ ಕಾನೂನು ಸೇವೆಗಳ ಪ್ರಾಧಿಕಾರ ಹಾಗೂ ಕೊಪ್ಪಳ ಜಿಲ್ಲಾಡಳಿತದ ಸಹಯೋಗದಲ್ಲಿ ಹಮ್ಮಿಕೊಂಡಿದ್ದ ಕರ್ನಾಟಕ ಭೂ ಕಬಳಿಕೆ ನಿಷೇಧ ಅಧಿನಿಯಮ ಮತ್ತು ಸಂಬಂಧಿಸಿದ ಕಾಯ್ದೆಗಳ ಕುರಿತಾದ ಒಂದು ದಿನದ ಕಾರ್ಯಾಗಾರದ ಉದ್ಘಾಟನೆ ನೆರವೇರಿಸಿ ಮಾತನಾಡಿದರು. ಸರ್ಕಾರಿ ಭೂಮಿ ಒತ್ತುವರಿಯಾದರೆ ಭೂ ಕಬಳಿಕೆ ತಪ್ಪಿಸಬೇಕು. ಆ ಕುರಿತು ಇಂದು ಎಲ್ಲಾ ಅಧಿಕಾರಿಗಳಿಗೆ ತಿಳಿಸಿ ಕೊಡಲಾಗುತ್ತದೆ.
ಮತ್ತು ಜನಸಂಖ್ಯಾ ಸ್ಫೋಟದಿಂದಾಗಿ ಕೆರೆಗಳು ಮತ್ತು ಕೊಳಗಳಂತ ಜಲಮೂಲಗಳ ಒತ್ತುವರಿಯನ್ನು ಒಡೆದು ಮತ್ತು ನೀರನ್ನು ಹೊರಗೆ ಹರಿಬಿಟ್ಟು, ನಗರ ಮತ್ತು ಗ್ರಾಮೀಣ ಪ್ರದೇಶದಲ್ಲಿ ಭೂ ಬಳಕೆಗಾಗಿ ಪರಿವರ್ತಿಸಲಾಗುತ್ತಿದೆ. ಇದನ್ನು ನಿಲ್ಲಿಸುವುದು ಮತ್ತು ಸಂರಕ್ಷಣೆ ಮಾಡುವುದು ಎಲ್ಲರ ಕರ್ತವ್ಯ ಎಂದರು. ಹಿರಿಯ ಸಿವಿಲ್ ನ್ಯಾಯಾಧೀಶರು ಮತ್ತು ಕರ್ನಾಟಕ ಭೂ ಕಬಳಿಕೆ ನಿಷೇಧ ವಿಶೇಷ ನ್ಯಾಯಾಲಯದ ವಿಲೇವಾರಿ ಅಧಿಕಾರಿಗಳಾದ ಹೆಚ್.ಕೆ. ನವೀನ್ ಅವರು ಸ್ಥಳೀಯ ಸಂಸ್ಥೆಗಳು, ಅರಣ್ಯ ಇಲಾಖೆ, ವಕ್ಫ್, ಮುಜರಾಯಿ ಇಲಾಖೆ ಸ್ವತ್ತುಗಳ ಕುರಿತು ಉಪನ್ಯಾಸ ನೀಡಿದರು. ಕರ್ನಾಟಕ ಮುನಿಸಿಪಾಲಿಟಿ ಕಾಯ್ದೆ, ಕಲಂ 81 ಅನ್ವಯ ಸ್ವತ್ತುಗಳು, ಪುರಸಭಾ ಮತ್ತು ಪಟ್ಟಣ ಪಂಚಾಯತಿ ಪರಿಮಿತಿಯಲ್ಲಿ ಹೊಂದಿರುವ ಸ್ವತ್ತುಗಳು, ಎಲ್ಲ ಸಾರ್ವಜನಿಕ ಸ್ಥಳಗಳು ಹಾಗೂ ಸಾರ್ವಜನಿಕ ರಸ್ತೆಗಳು ಸೇರಿವೆ. ಕಾರ್ಯಕ್ರಮದಲ್ಲಿ ಜಿಲ್ಲಾ ಪೊಲೀಸ್ ವರಿಷ್ಠಾಧಿಕಾರಿ ಡಾ. ರಾಮ್ ಎಲ್. ಅರಸಿದ್ದಿ, ಉಪವಿಭಾಗಾಧಿಕಾರಿ ಕ್ಯಾಪ್ಟನ್ ಮಹೇಶ ಮಾಲಗಿತ್ತಿ, ಜಿಲ್ಲಾ ಪಂಚಾಯತ್ ಉಪಕಾರ್ಯದರ್ಶಿ ಟಿ.ಕೃಷ್ಣಮೂರ್ತಿ ಸೇರಿದಂತೆ ಇತರೆ ಇಲಾಖೆಯ ಜಿಲ್ಲಾ ಮಟ್ಟದ ಅಧಿಕಾರಿಗಳು ಉಪಸ್ಥಿತರಿದ್ದರು.
ಕಾನೂನಿನ ಅರಿವು ಇರಬೇಕು. ಈ ಕಾಯ್ದೆಯ ಬಗ್ಗೆ ಎಲ್ಲರೂ ತಿಳಿದುಕೊಳ್ಳಬೇಕು ಎಂದರು. 2016 ರಿಂದ ಇಲ್ಲಿಯವರೆಗೆ 23,849 ಪ್ರಕರಣಗಳನ್ನು ತಿರ್ಮಾನಿಸಲಾಗಿದೆ. 4786 ಪ್ರಕರಣಗಳು ಬಾಕಿ ಇದ್ದು, 4585 ಎಕರೆ 6 ಗುಂಟೆ ಸರ್ಕಾರಿ ಜಮೀನನ್ನು ರಕ್ಷಿಸಲಾಗಿದೆ. 133 ಜನರಿಗೆ ಶಿಕ್ಷೆಯಾಗಿದೆ. ಪ್ರಥಮ ಬಾರಿಗೆ ಜಿಲ್ಲೆಯಲ್ಲಿ ಈ ಕಾರ್ಯಾಗಾರ ಆಯೋಜಿಸಲಾಗಿದೆ. ಕೊಪ್ಪಳ ಜಿಲ್ಲಾ ಪ್ರಧಾನ ಮತ್ತು ಸತ್ರ ನ್ಯಾಯಾಧೀಶರಾದ ಸಿ. ಚಂದ್ರಶೇಖರ್ ಅವರು ಮಾತನಾಡಿ, ಭೂ ಕಬಳಿಕೆ ಎನ್ನುವುದು ಸಾರ್ವಜನಿಕರಿಗೆ ಆಗುವ ಅನ್ಯಾಯವಾಗಿದೆ. ಕೆರೆ, ಅರಣ್ಯ, ಗಾಂವಠಾಣ ಜಮೀನುಗಳು ಸಾರ್ವಜನಿಕರ ಸ್ವತ್ತಾಗಿವೆ. ಇವುಗಳ ರಕ್ಷಣೆ ಎಲ್ಲರ ಜವಾಬ್ದಾರಿ. ಜಿಲ್ಲಾಧಿಕಾರಿ ಡಾ. ಸುರೇಶ ಬಿ. ಇಟ್ನಾಳ ಅವರು ಮಾತನಾಡಿ,
ನ್ಯಾಯಾಧೀಶರ ಒತ್ತಾಸೆಯ ಮೇರೆಗೆ ಇಂದು ಈ ಕಾರ್ಯಾಗಾರವನ್ನು ಹಮ್ಮಿಕೊಳ್ಳಲಾಗಿದೆ. ಭೂ ಕಬಳಿಕೆ ಸರ್ಕಾರಿ ಜಮೀನು ಮಾತ್ರವಲ್ಲದೆ, ಮುಜರಾಯಿ, ವಕ್ಫ್ ಎಲ್ಲದಕ್ಕೂ ಅನ್ವಯ ಆಗುತ್ತದೆ. ನಮ್ಮ ಅಧಿಕಾರಿಗಳು ಈ ಕಾರ್ಯಾಗಾರದ ಸದುಪಯೋಗ ಪಡೆದುಕೊಳ್ಳಬೇಕು. ಅಧಿಕಾರಿಗಳು ಭೂಮಿ ತಂತ್ರಾಂಶದಲ್ಲಿ ದಾಖಲೆಯನ್ನು ಅಪಡೇಟ್ ಮಾಡುವಾಗ ಜಾಗರೂಕತೆ ವಹಿಸಬೇಕು. ಕಾನೂನು ಪಾಲನೆ ಮಾಡಿ ಸಂದರ್ಭ ನೋಡಿ ಕೆಲಸ ಮಾಡಬೇಕು. ಭೂ ಸುರಕ್ಷತೆ ಈಗಿನ ಕಾಲದಲ್ಲಿ ಬಹಳ ಮುಖ್ಯ ಎಂದರು. ಕರ್ನಾಟಕ ಭೂ ಕಬಳಿಕೆ ನಿಷೇಧ ವಿಶೇಷ ನ್ಯಾಯಾಲಯದ ಸದಸ್ಯರಾದ ಕೆ.ಹೆಚ್.ಅಶ್ವತ್ಥ ನಾರಾಯಣಗೌಡ ಅವರು ಕರ್ನಾಟಕ ಭೂ ಕಬಳಿಕೆ ನಿಷೇಧ ಅಧಿನಿಯಮ 2011ರ ಕುರಿತು ಉಪನ್ಯಾಸ ನೀಡಿ ಮಾತನಾಡಿ, ಈ ಕಾಯ್ದೆಯು 2014ರ ಅಕ್ಟೋಬರ್ ಇಂದಿನಿಂದ ಜಾರಿಯಲ್ಲಿದೆ. ಇದು ಸರ್ಕಾರದ ಭೂಮಿ ರಕ್ಷಣೆಗೆ ತಂದಿರುವ ಕಾಯ್ದೆ ಎಂದರು.
ಉಪಖಂಡ ಕಲ್ಲಿಗಳು ಒಂದು ಅಧಿನಿಯಮವಾಗಿದೆ ಎಂದು ವಿವರವಾಗಿ ಮಾತನಾಡಿದರು. ಕರ್ನಾಟಕ ಭೂ ಕಬಳಿಕೆ ನಿಷೇಧ ವಿಶೇಷ ನ್ಯಾಯಾಲಯದ ಕಂದಾಯ ಸದಸ್ಯರಾದ ಎಸ್.ಪಾಲಯ್ಯ ಅವರು ಕರ್ನಾಟಕ ಭೂ ಕಂದಾಯ ಅಧಿನಿಯಮ ಕಲಂ 192(ಎ) ಮತ್ತು ಕರ್ನಾಟಕ ಭೂ ಕಬಳಿಕೆ ನಿಷೇಧ ಅಧಿನಿಯಮ ತಿದ್ದುಪಡಿ ಕಾಯ್ದೆ 2025ರ ಕುರಿತು ವಿಶೇಷ ಉಪನ್ಯಾಸ ನೀಡಿ ಮಾತನಾಡಿ, ಕಲಂ 192–ಎ ಕಾಯ್ದೆಯಲ್ಲಿ ಶಿಕ್ಷೆ ನೀಡುವ ಅಧಿಕಾರ ನಮಗಿದೆ. ಸರ್ಕಾರಿ ಸ್ವತ್ತನ್ನು ಸಂರಕ್ಷಿಸುವ ಹೊಣೆ ಎಲ್ಲರ ಮೇಲಿದೆ. ಹಿರಿಯ ಸಿವಿಲ್ ನ್ಯಾಯಾಧೀಶರು ಹಾಗೂ ಜಿಲ್ಲಾ ಕಾನೂನು ಸೇವೆಗಳ ಪ್ರಾಧಿಕಾರದ ಸದಸ್ಯ ಕಾರ್ಯದರ್ಶಿ ಮಹಾಂತೇಶ್ ಎಸ್. ದರಗದ್ ಅವರು ಕೆರೆ ಒತ್ತುವರಿ ಹಾಗೂ ಸುಪ್ರೀಂ ಕೋರ್ಟ್ ತೀರ್ಪುಗಳ ಕುರಿತು ಉಪನ್ಯಾಸ ನೀಡಿ ಮಾತನಾಡಿ, ನೀರಿನ ಹಕ್ಕು ಭೂಮಿಯ ಜೀವಂತ ಹಕ್ಕಿನ ಒಂದು ಭಾಗವಾಗಿದೆ ಎಂದರು.
